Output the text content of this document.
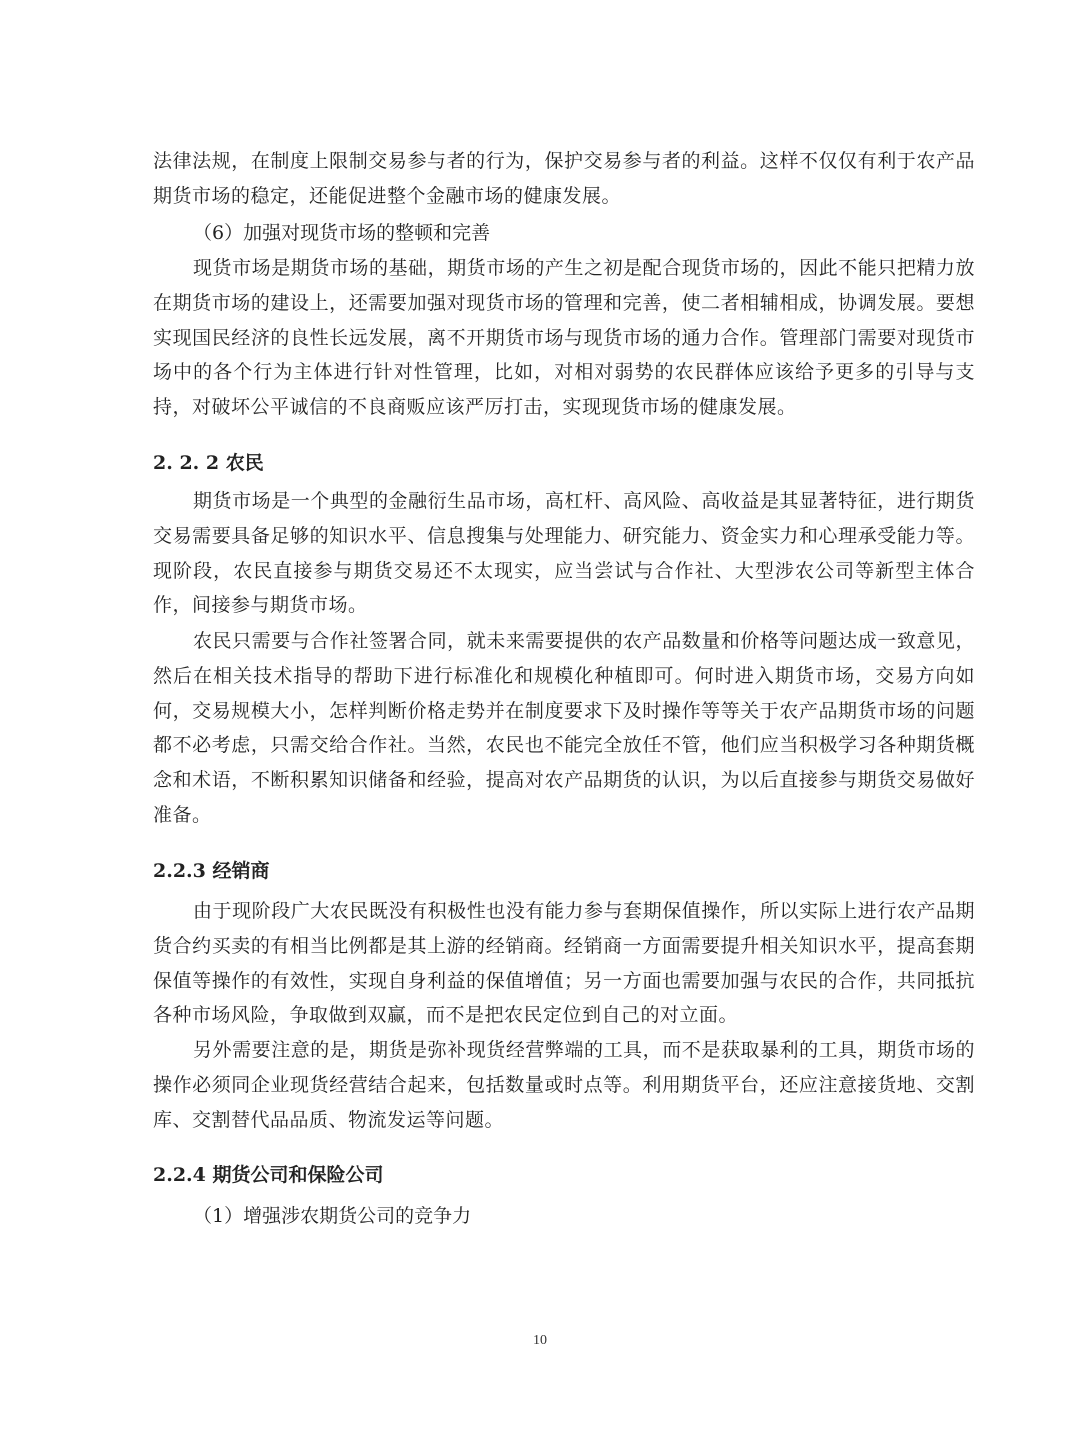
法律法规，在制度上限制交易参与者的行为，保护交易参与者的利益。这样不仅仅有利于农产品期货市场的稳定，还能促进整个金融市场的健康发展。

（6）加强对现货市场的整顿和完善

现货市场是期货市场的基础，期货市场的产生之初是配合现货市场的，因此不能只把精力放在期货市场的建设上，还需要加强对现货市场的管理和完善，使二者相辅相成，协调发展。要想实现国民经济的良性长远发展，离不开期货市场与现货市场的通力合作。管理部门需要对现货市场中的各个行为主体进行针对性管理，比如，对相对弱势的农民群体应该给予更多的引导与支持，对破坏公平诚信的不良商贩应该严厉打击，实现现货市场的健康发展。

2. 2. 2 农民

期货市场是一个典型的金融衍生品市场，高杠杆、高风险、高收益是其显著特征，进行期货交易需要具备足够的知识水平、信息搜集与处理能力、研究能力、资金实力和心理承受能力等。现阶段，农民直接参与期货交易还不太现实，应当尝试与合作社、大型涉农公司等新型主体合作，间接参与期货市场。

农民只需要与合作社签署合同，就未来需要提供的农产品数量和价格等问题达成一致意见，然后在相关技术指导的帮助下进行标准化和规模化种植即可。何时进入期货市场，交易方向如何，交易规模大小，怎样判断价格走势并在制度要求下及时操作等等关于农产品期货市场的问题都不必考虑，只需交给合作社。当然，农民也不能完全放任不管，他们应当积极学习各种期货概念和术语，不断积累知识储备和经验，提高对农产品期货的认识，为以后直接参与期货交易做好准备。

2.2.3 经销商

由于现阶段广大农民既没有积极性也没有能力参与套期保值操作，所以实际上进行农产品期货合约买卖的有相当比例都是其上游的经销商。经销商一方面需要提升相关知识水平，提高套期保值等操作的有效性，实现自身利益的保值增值；另一方面也需要加强与农民的合作，共同抵抗各种市场风险，争取做到双赢，而不是把农民定位到自己的对立面。

另外需要注意的是，期货是弥补现货经营弊端的工具，而不是获取暴利的工具，期货市场的操作必须同企业现货经营结合起来，包括数量或时点等。利用期货平台，还应注意接货地、交割库、交割替代品品质、物流发运等问题。

2.2.4 期货公司和保险公司

（1）增强涉农期货公司的竞争力

10
